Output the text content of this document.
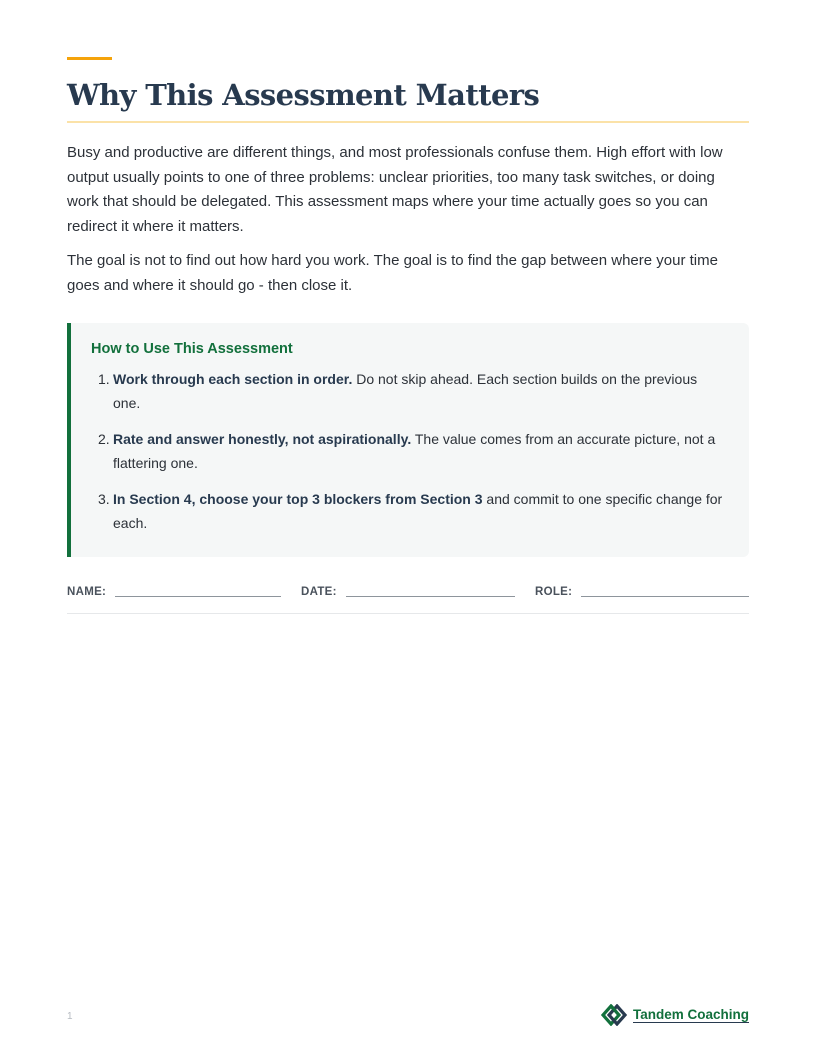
Why This Assessment Matters

Busy and productive are different things, and most professionals confuse them. High effort with low output usually points to one of three problems: unclear priorities, too many task switches, or doing work that should be delegated. This assessment maps where your time actually goes so you can redirect it where it matters.

The goal is not to find out how hard you work. The goal is to find the gap between where your time goes and where it should go - then close it.

How to Use This Assessment
1. Work through each section in order. Do not skip ahead. Each section builds on the previous one.
2. Rate and answer honestly, not aspirationally. The value comes from an accurate picture, not a flattering one.
3. In Section 4, choose your top 3 blockers from Section 3 and commit to one specific change for each.
NAME:	DATE:	ROLE:
1	Tandem Coaching
